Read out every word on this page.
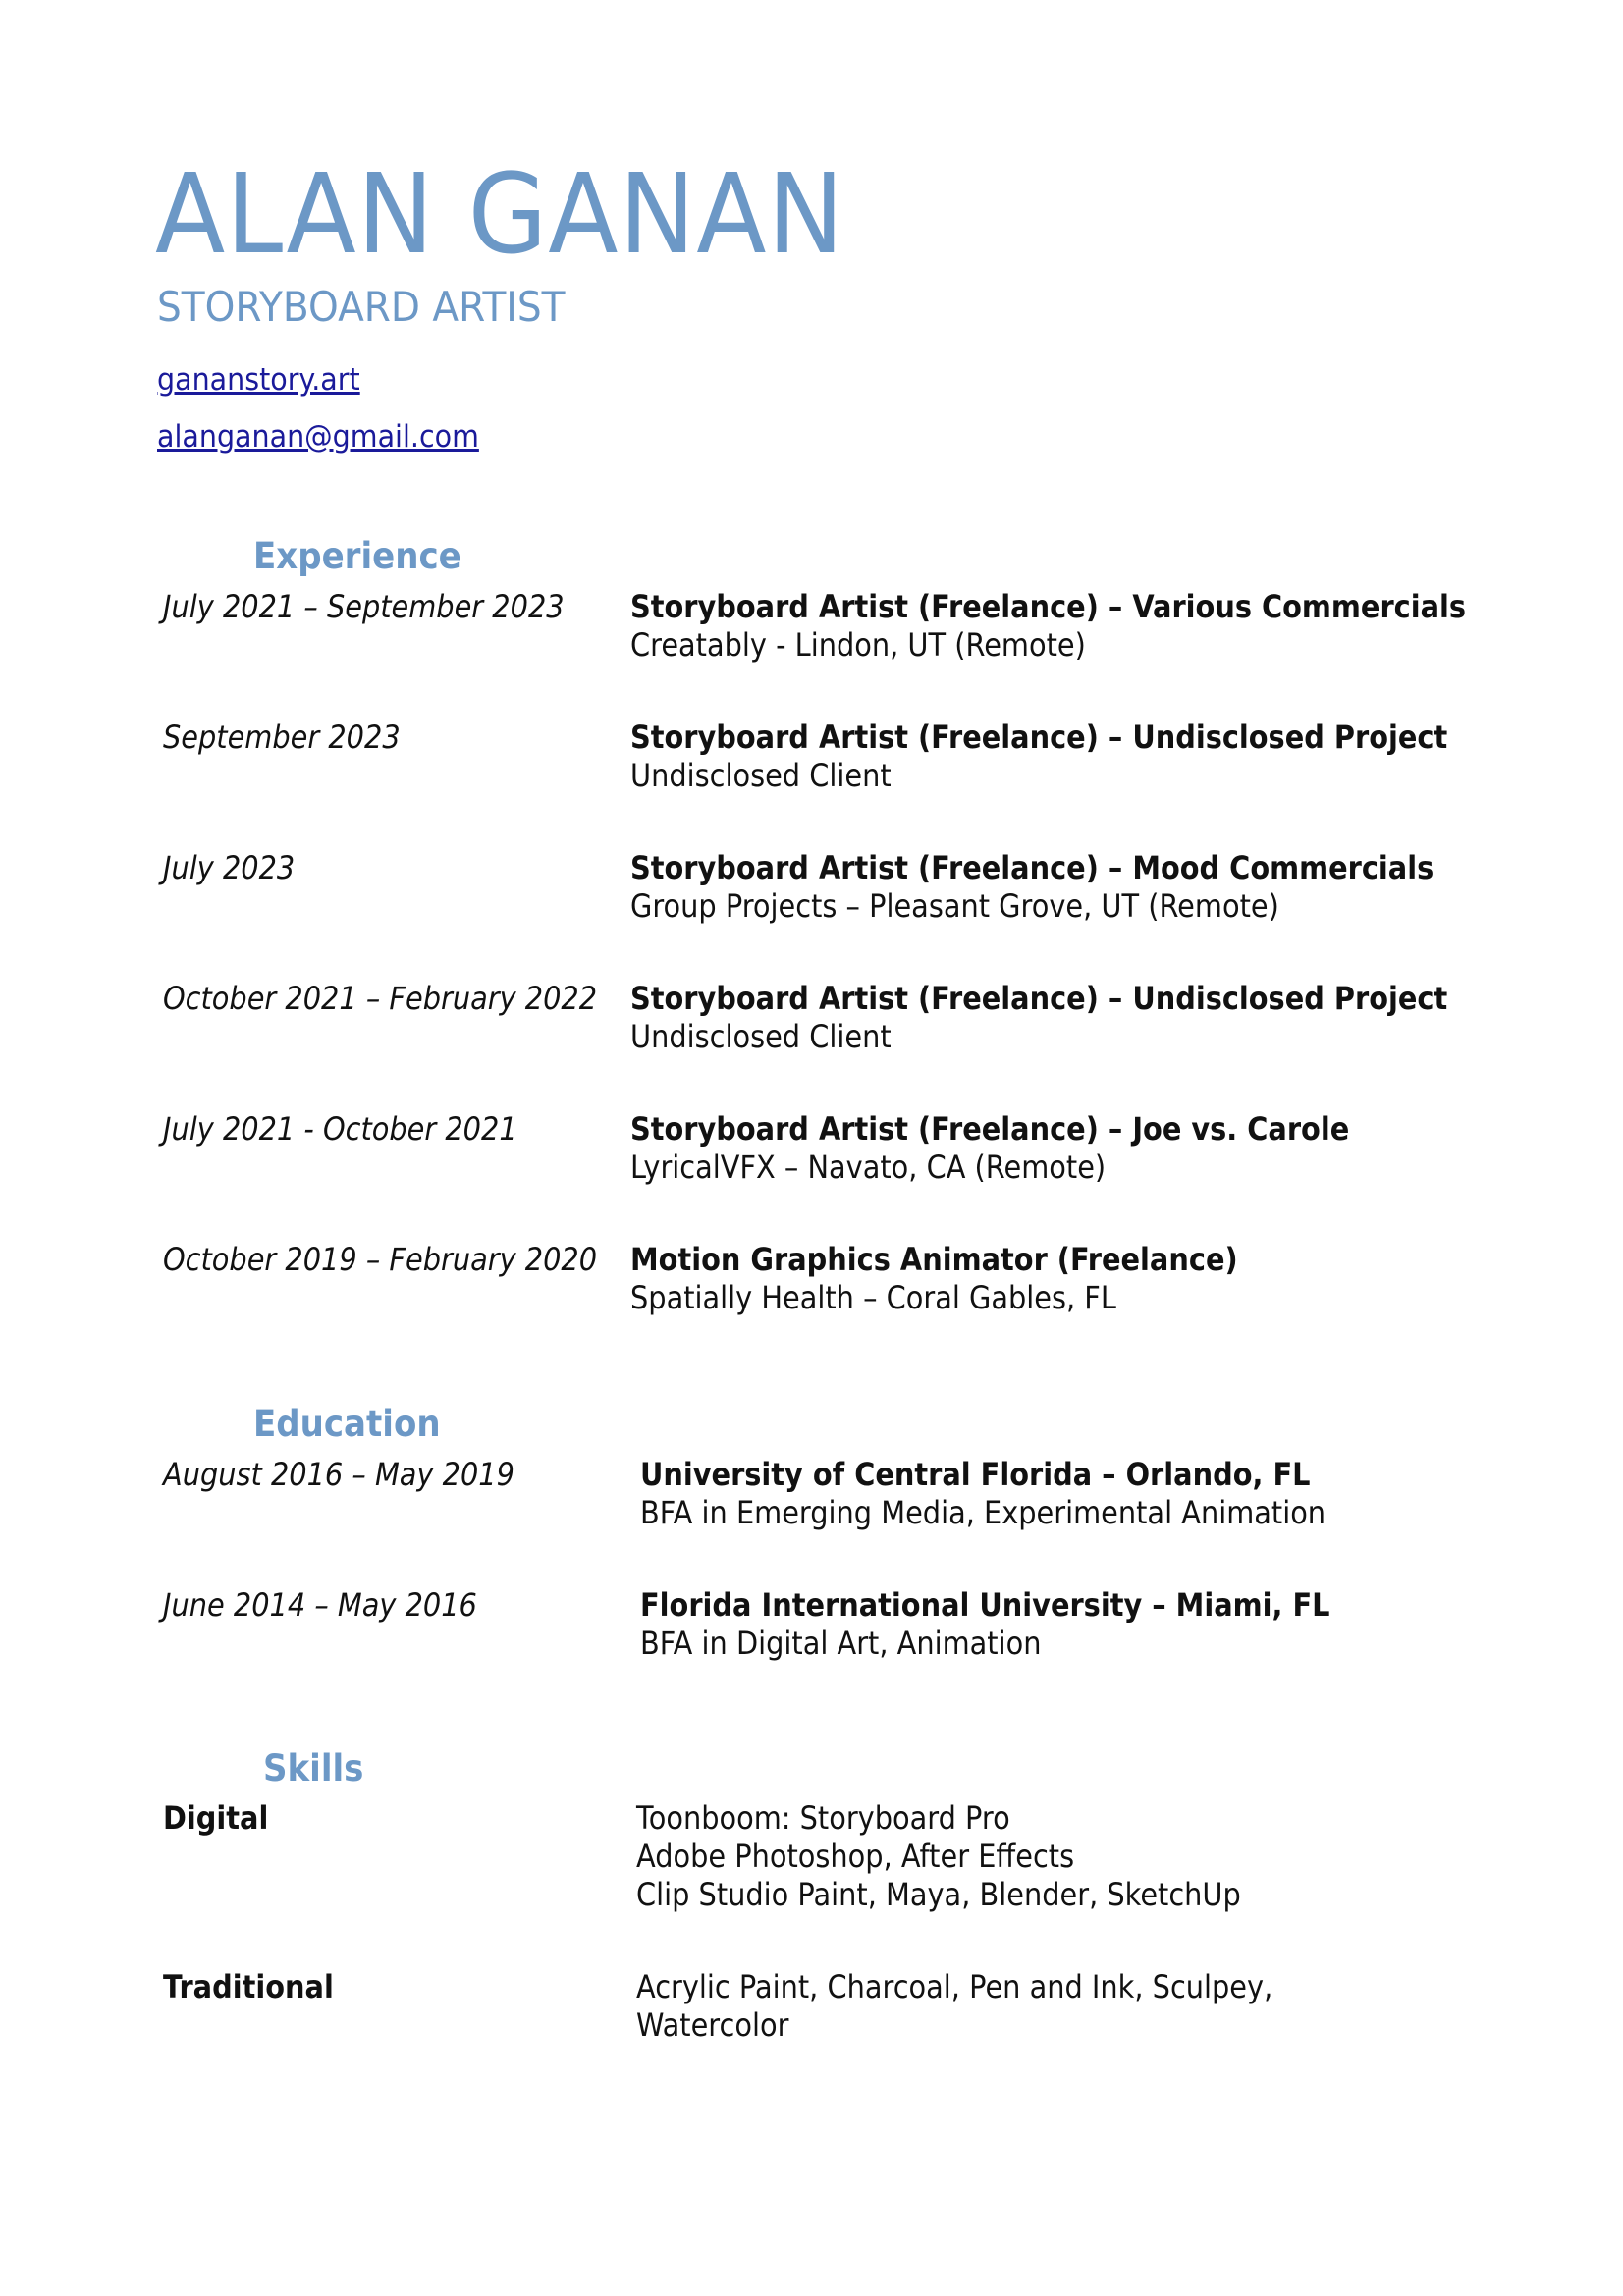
ALAN GANAN
STORYBOARD ARTIST
gananstory.art
alanganan@gmail.com
Experience
July 2021 – September 2023 Storyboard Artist (Freelance) – Various Commercials
Creatably - Lindon, UT (Remote)
September 2023	Storyboard Artist (Freelance) – Undisclosed Project
Undisclosed Client
July 2023	Storyboard Artist (Freelance) – Mood Commercials
Group Projects – Pleasant Grove, UT (Remote)
October 2021 – February 2022 Storyboard Artist (Freelance) – Undisclosed Project
Undisclosed Client
July 2021 - October 2021	Storyboard Artist (Freelance) – Joe vs. Carole
LyricalVFX – Navato, CA (Remote)
October 2019 – February 2020 Motion Graphics Animator (Freelance)
Spatially Health – Coral Gables, FL
Education
August 2016 – May 2019	University of Central Florida – Orlando, FL
BFA in Emerging Media, Experimental Animation
June 2014 – May 2016	Florida International University – Miami, FL
BFA in Digital Art, Animation
Skills
Digital	Toonboom: Storyboard Pro
Adobe Photoshop, After Effects
Clip Studio Paint, Maya, Blender, SketchUp
Traditional	Acrylic Paint, Charcoal, Pen and Ink, Sculpey,
Watercolor
